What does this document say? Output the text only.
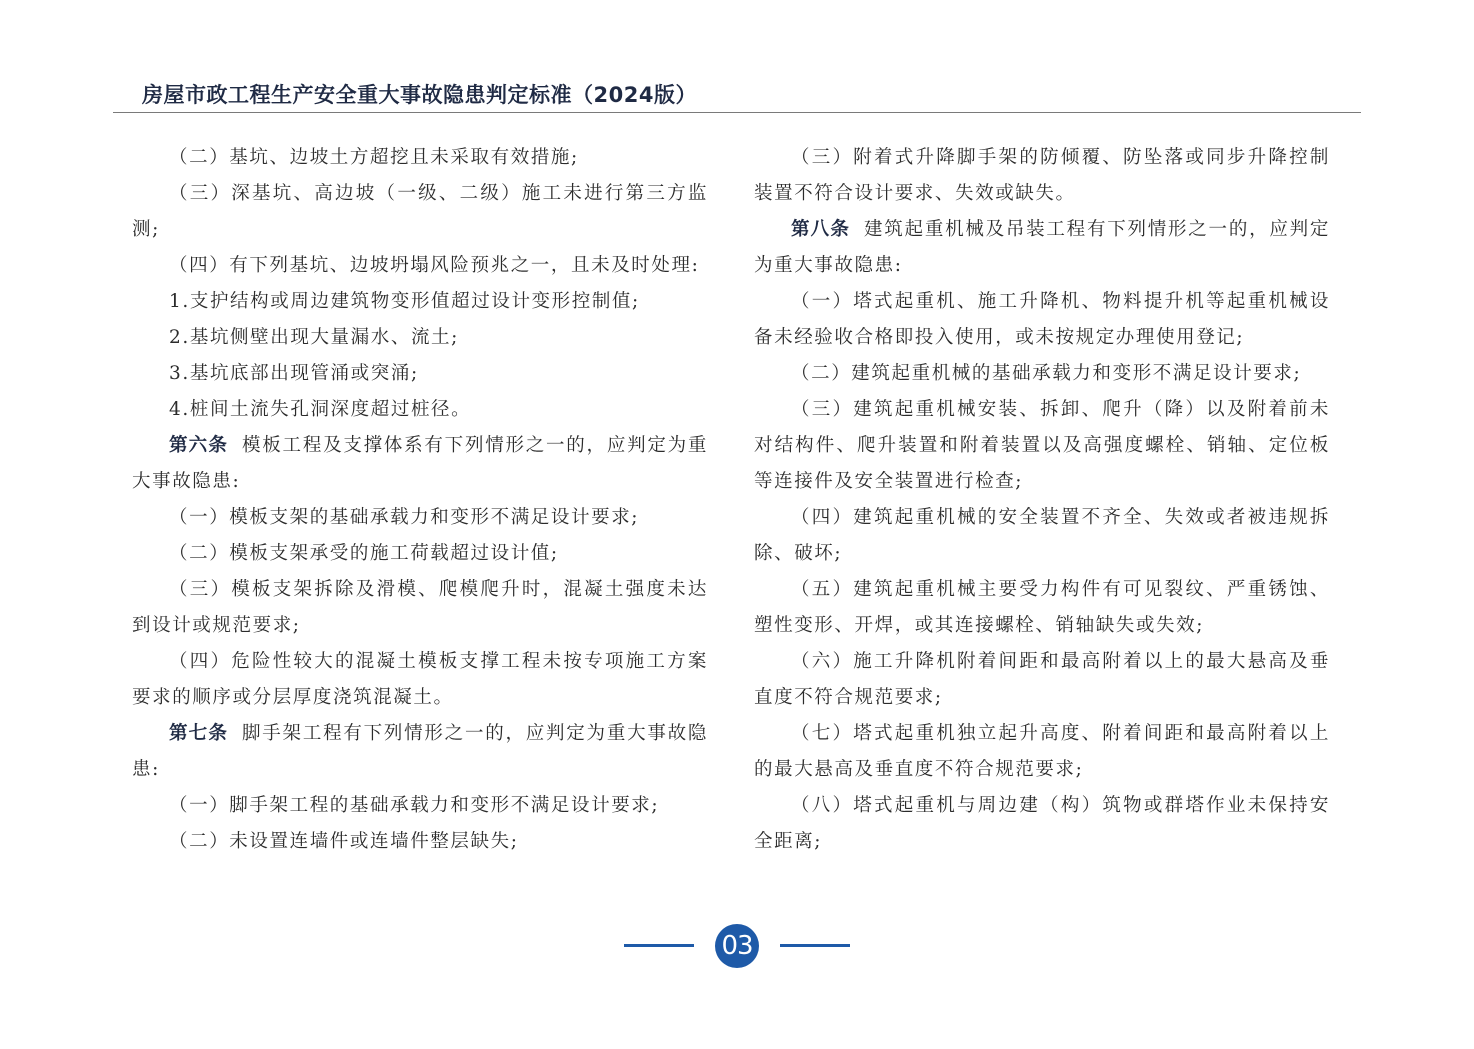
房屋市政工程生产安全重大事故隐患判定标准（2024版）

（二）基坑、边坡土方超挖且未采取有效措施;

（三）深基坑、高边坡（一级、二级）施工未进行第三方监测;

（四）有下列基坑、边坡坍塌风险预兆之一，且未及时处理:

1.支护结构或周边建筑物变形值超过设计变形控制值;

2.基坑侧壁出现大量漏水、流土;

3.基坑底部出现管涌或突涌;

4.桩间土流失孔洞深度超过桩径。

第六条 模板工程及支撑体系有下列情形之一的，应判定为重大事故隐患:

（一）模板支架的基础承载力和变形不满足设计要求;

（二）模板支架承受的施工荷载超过设计值;

（三）模板支架拆除及滑模、爬模爬升时，混凝土强度未达到设计或规范要求;

（四）危险性较大的混凝土模板支撑工程未按专项施工方案要求的顺序或分层厚度浇筑混凝土。

第七条 脚手架工程有下列情形之一的，应判定为重大事故隐患:

（一）脚手架工程的基础承载力和变形不满足设计要求;

（二）未设置连墙件或连墙件整层缺失;

（三）附着式升降脚手架的防倾覆、防坠落或同步升降控制装置不符合设计要求、失效或缺失。

第八条 建筑起重机械及吊装工程有下列情形之一的，应判定为重大事故隐患:

（一）塔式起重机、施工升降机、物料提升机等起重机械设备未经验收合格即投入使用，或未按规定办理使用登记;

（二）建筑起重机械的基础承载力和变形不满足设计要求;

（三）建筑起重机械安装、拆卸、爬升（降）以及附着前未对结构件、爬升装置和附着装置以及高强度螺栓、销轴、定位板等连接件及安全装置进行检查;

（四）建筑起重机械的安全装置不齐全、失效或者被违规拆除、破坏;

（五）建筑起重机械主要受力构件有可见裂纹、严重锈蚀、塑性变形、开焊，或其连接螺栓、销轴缺失或失效;

（六）施工升降机附着间距和最高附着以上的最大悬高及垂直度不符合规范要求;

（七）塔式起重机独立起升高度、附着间距和最高附着以上的最大悬高及垂直度不符合规范要求;

（八）塔式起重机与周边建（构）筑物或群塔作业未保持安全距离;

03
